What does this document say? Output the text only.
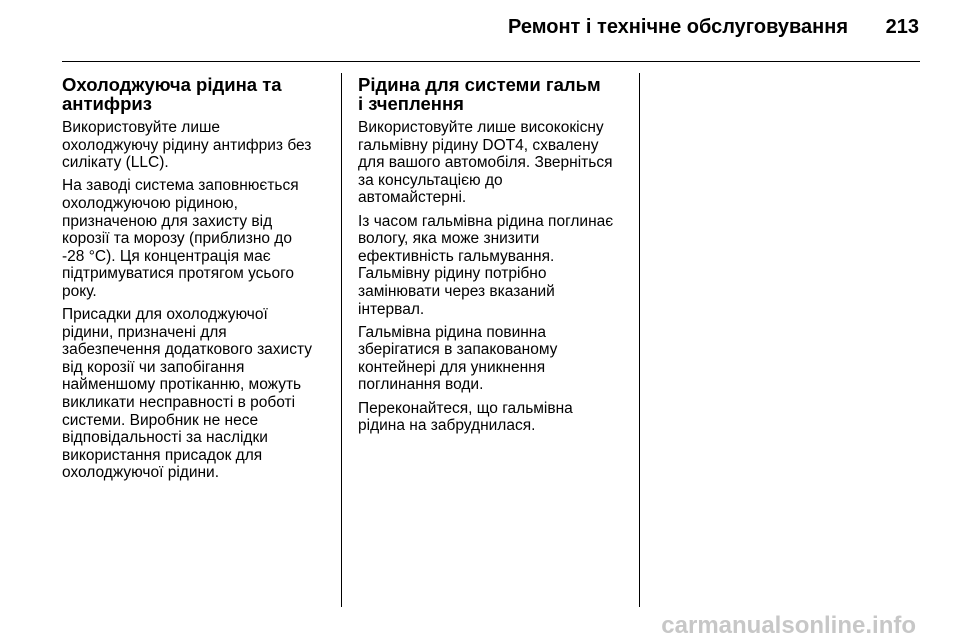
Ремонт і технічне обслуговування 213

Охолоджуюча рідина та
антифриз

Використовуйте лише
охолоджуючу рідину антифриз без
силікату (LLC).

На заводі система заповнюється
охолоджуючою рідиною,
призначеною для захисту від
корозії та морозу (приблизно до
-28 °C). Ця концентрація має
підтримуватися протягом усього
року.

Присадки для охолоджуючої
рідини, призначені для
забезпечення додаткового захисту
від корозії чи запобігання
найменшому протіканню, можуть
викликати несправності в роботі
системи. Виробник не несе
відповідальності за наслідки
використання присадок для
охолоджуючої рідини.

Рідина для системи гальм
і зчеплення

Використовуйте лише висококісну
гальмівну рідину DOT4, схвалену
для вашого автомобіля. Зверніться
за консультацією до
автомайстерні.

Із часом гальмівна рідина поглинає
вологу, яка може знизити
ефективність гальмування.
Гальмівну рідину потрібно
замінювати через вказаний
інтервал.

Гальмівна рідина повинна
зберігатися в запакованому
контейнері для уникнення
поглинання води.

Переконайтеся, що гальмівна
рідина на забруднилася.

carmanualsonline.info
